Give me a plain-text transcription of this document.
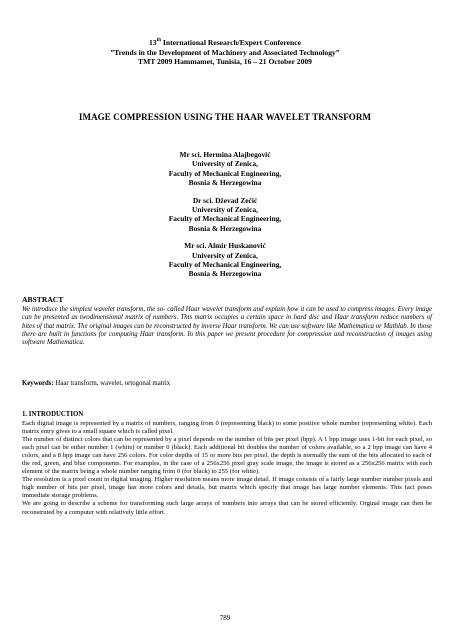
13th International Research/Expert Conference
”Trends in the Development of Machinery and Associated Technology”
TMT 2009 Hammamet, Tunisia, 16 – 21 October 2009
IMAGE COMPRESSION USING THE HAAR WAVELET TRANSFORM
Mr sci. Hermina Alajbegović
University of Zenica,
Faculty of Mechanical Engineering,
Bosnia & Herzegowina
Dr sci. Dževad Zečić
University of Zenica,
Faculty of Mechanical Engineering,
Bosnia & Herzegowina
Mr sci. Almir Huskanović
University of Zenica,
Faculty of Mechanical Engineering,
Bosnia & Herzegowina
ABSTRACT
We introduce the simplest wavelet transform, the so- called Haar wavelet transform and explain how it can be used to compress images. Every image can be presented as twodimensional matrix of numbers. This matrix occupies a certain space in hard disc and Haar transform reduce numbers of bites of that matrix. The original images can be reconstructed by inverse Haar transform. We can use software like Mathematica or Mathlab. In those there are built in functions for computing Haar transform. In this paper we present procedure for compression and reconstruction of images using software Mathematica.
Keywords: Haar transform, wavelet, ortogonal matrix
1. INTRODUCTION

Each digital image is represented by a matrix of numbers, ranging from 0 (representing black) to some positive whole number (representing white). Each matrix entry gives to a small square which is called pixel.

The number of distinct colors that can be represented by a pixel depends on the number of bits per pixel (bpp). A 1 bpp image uses 1-bit for each pixel, so each pixel can be either number 1 (white) or number 0 (black). Each additional bit doubles the number of colors available, so a 2 bpp image can have 4 colors, and a 8 bpp image can have 256 colors. For color depths of 15 or more bits per pixel, the depth is normally the sum of the bits allocated to each of the red, green, and blue components. For examples, in the case of a 256x256 pixel gray scale image, the image is stored as a 256x256 matrix with each element of the matrix being a whole number ranging from 0 (for black) to 255 (for white).

The resolution is a pixel count in digital imaging. Higher resolution means more image detail. If image consists of a fairly large number number pixels and high number of bits per pixel, image has more colors and details, but matrix which specify that image has large number elements. This fact poses immediate storage problems.

We are going to describe a scheme for transforming such large arrays of numbers into arrays that can be stored efficiently. Orginal image can then be reconstruted by a computer with relatively little effort.

789
